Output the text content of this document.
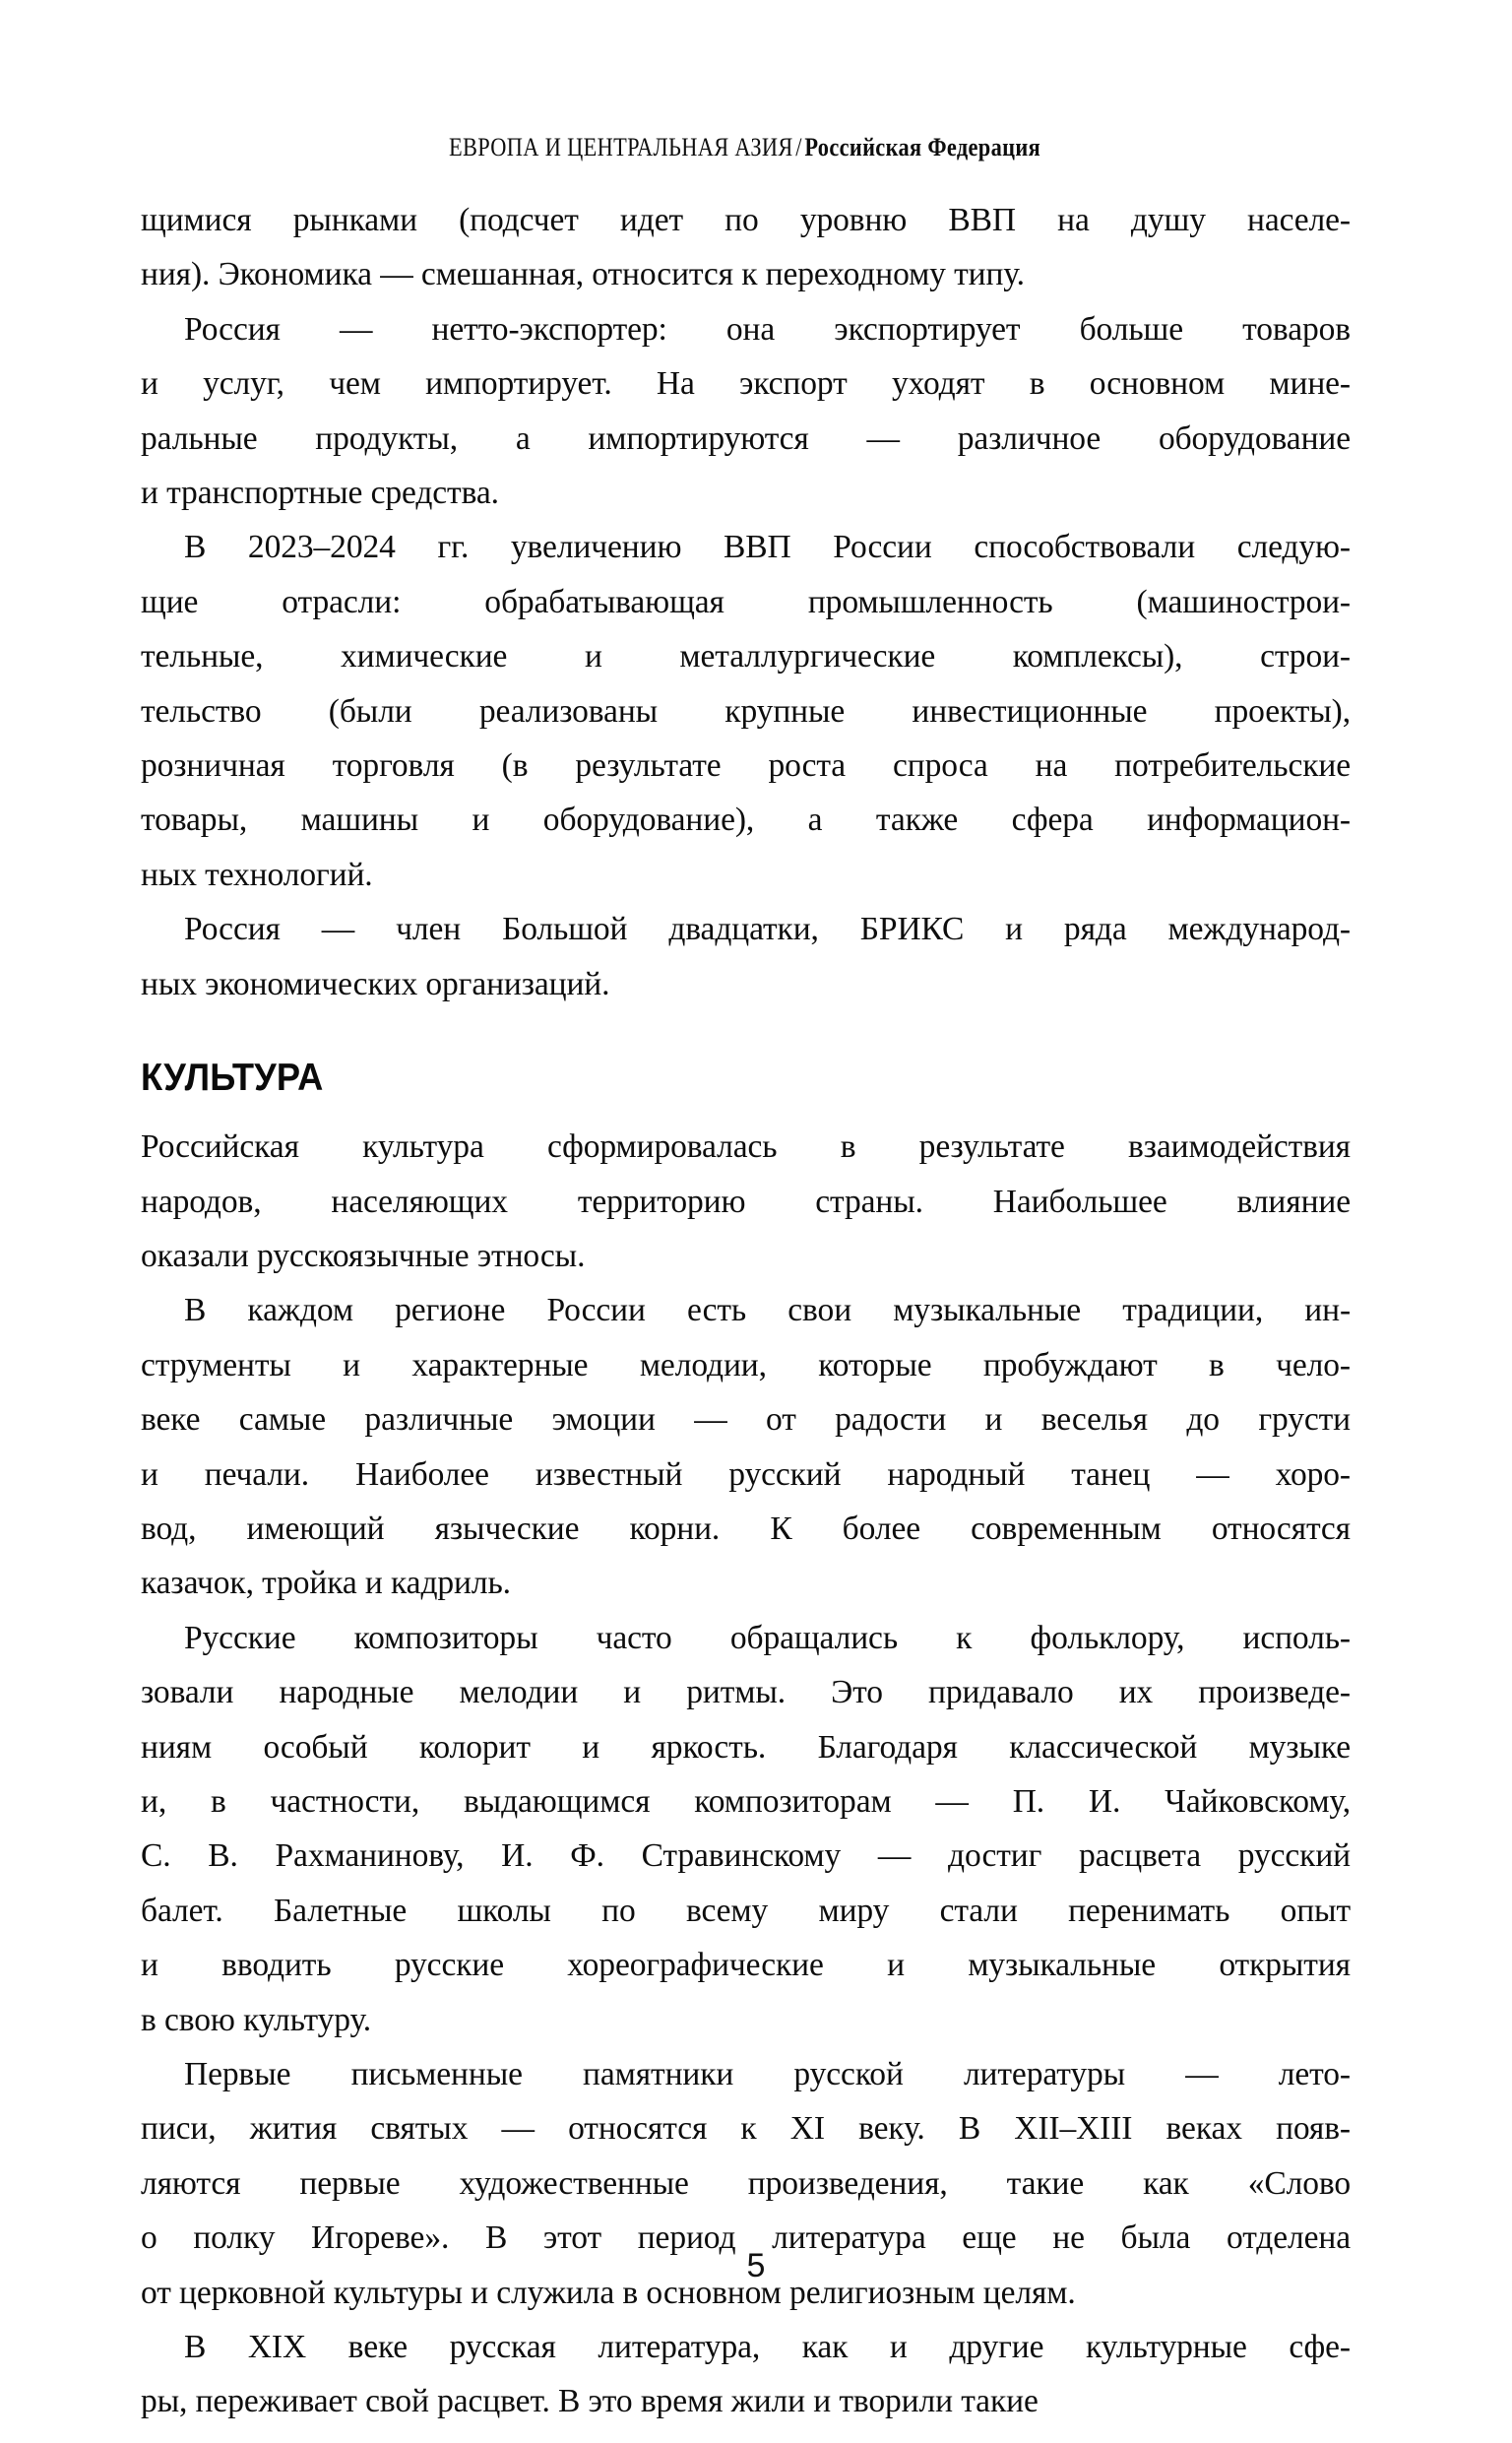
ЕВРОПА И ЦЕНТРАЛЬНАЯ АЗИЯ/Российская Федерация

щимися рынками (подсчет идет по уровню ВВП на душу населе-
ния). Экономика — смешанная, относится к переходному типу.

Россия — нетто-экспортер: она экспортирует больше товаров
и услуг, чем импортирует. На экспорт уходят в основном мине-
ральные продукты, а импортируются — различное оборудование
и транспортные средства.

В 2023–2024 гг. увеличению ВВП России способствовали следую-
щие отрасли: обрабатывающая промышленность (машинострои-
тельные, химические и металлургические комплексы), строи-
тельство (были реализованы крупные инвестиционные проекты),
розничная торговля (в результате роста спроса на потребительские
товары, машины и оборудование), а также сфера информацион-
ных технологий.

Россия — член Большой двадцатки, БРИКС и ряда международ-
ных экономических организаций.

КУЛЬТУРА

Российская культура сформировалась в результате взаимодействия
народов, населяющих территорию страны. Наибольшее влияние
оказали русскоязычные этносы.

В каждом регионе России есть свои музыкальные традиции, ин-
струменты и характерные мелодии, которые пробуждают в чело-
веке самые различные эмоции — от радости и веселья до грусти
и печали. Наиболее известный русский народный танец — хоро-
вод, имеющий языческие корни. К более современным относятся
казачок, тройка и кадриль.

Русские композиторы часто обращались к фольклору, исполь-
зовали народные мелодии и ритмы. Это придавало их произведе-
ниям особый колорит и яркость. Благодаря классической музыке
и, в частности, выдающимся композиторам — П. И. Чайковскому,
С. В. Рахманинову, И. Ф. Стравинскому — достиг расцвета русский
балет. Балетные школы по всему миру стали перенимать опыт
и вводить русские хореографические и музыкальные открытия
в свою культуру.

Первые письменные памятники русской литературы — лето-
писи, жития святых — относятся к XI веку. В XII–XIII веках появ-
ляются первые художественные произведения, такие как «Слово
о полку Игореве». В этот период литература еще не была отделена
от церковной культуры и служила в основном религиозным целям.

В XIX веке русская литература, как и другие культурные сфе-
ры, переживает свой расцвет. В это время жили и творили такие

5
